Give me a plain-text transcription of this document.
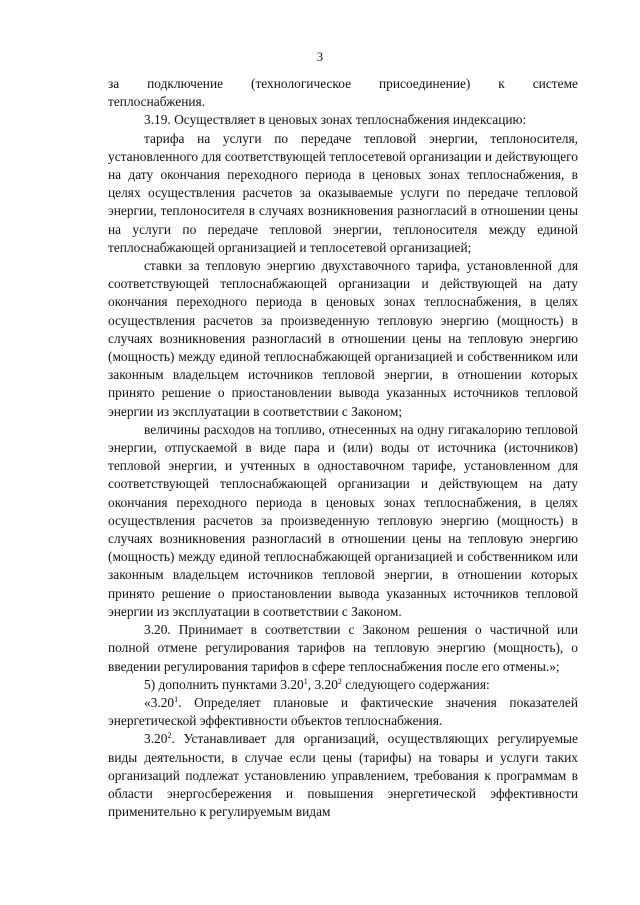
3
за подключение (технологическое присоединение) к системе

теплоснабжения.

3.19. Осуществляет в ценовых зонах теплоснабжения индексацию:

тарифа на услуги по передаче тепловой энергии, теплоносителя, установленного для соответствующей теплосетевой организации и действующего на дату окончания переходного периода в ценовых зонах теплоснабжения, в целях осуществления расчетов за оказываемые услуги по передаче тепловой энергии, теплоносителя в случаях возникновения разногласий в отношении цены на услуги по передаче тепловой энергии, теплоносителя между единой теплоснабжающей организацией и теплосетевой организацией;

ставки за тепловую энергию двухставочного тарифа, установленной для соответствующей теплоснабжающей организации и действующей на дату окончания переходного периода в ценовых зонах теплоснабжения, в целях осуществления расчетов за произведенную тепловую энергию (мощность) в случаях возникновения разногласий в отношении цены на тепловую энергию (мощность) между единой теплоснабжающей организацией и собственником или законным владельцем источников тепловой энергии, в отношении которых принято решение о приостановлении вывода указанных источников тепловой энергии из эксплуатации в соответствии с Законом;

величины расходов на топливо, отнесенных на одну гигакалорию тепловой энергии, отпускаемой в виде пара и (или) воды от источника (источников) тепловой энергии, и учтенных в одноставочном тарифе, установленном для соответствующей теплоснабжающей организации и действующем на дату окончания переходного периода в ценовых зонах теплоснабжения, в целях осуществления расчетов за произведенную тепловую энергию (мощность) в случаях возникновения разногласий в отношении цены на тепловую энергию (мощность) между единой теплоснабжающей организацией и собственником или законным владельцем источников тепловой энергии, в отношении которых принято решение о приостановлении вывода указанных источников тепловой энергии из эксплуатации в соответствии с Законом.

3.20. Принимает в соответствии с Законом решения о частичной или полной отмене регулирования тарифов на тепловую энергию (мощность), о введении регулирования тарифов в сфере теплоснабжения после его отмены.»;

5) дополнить пунктами 3.20$^1$, 3.20$^2$ следующего содержания:

«3.20$^1$. Определяет плановые и фактические значения показателей энергетической эффективности объектов теплоснабжения.

3.20$^2$. Устанавливает для организаций, осуществляющих регулируемые виды деятельности, в случае если цены (тарифы) на товары и услуги таких организаций подлежат установлению управлением, требования к программам в области энергосбережения и повышения энергетической эффективности применительно к регулируемым видам
